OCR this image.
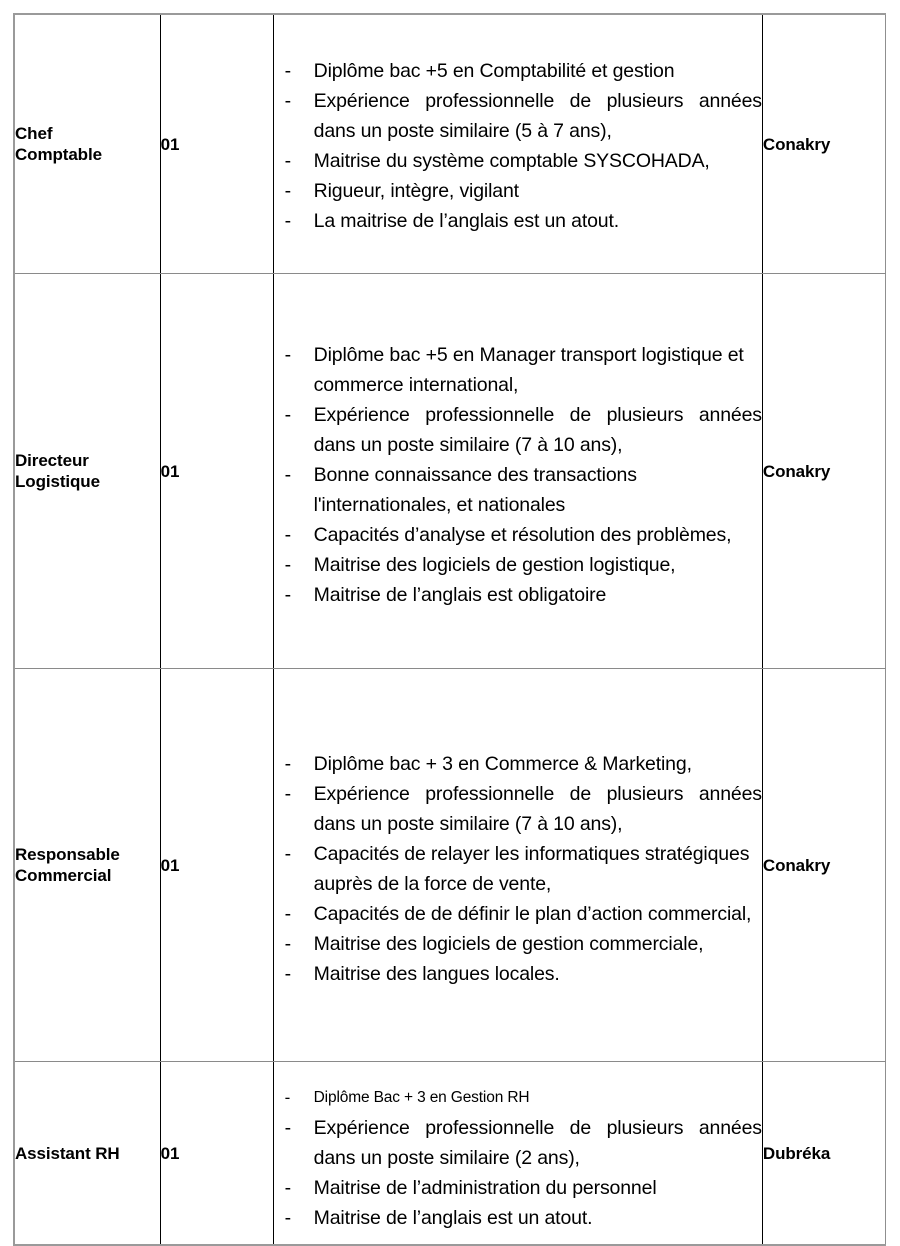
Chef
Comptable
	01	
- Diplôme bac +5 en Comptabilité et gestion
- Expérience professionnelle de plusieurs années dans un poste similaire (5 à 7 ans),
- Maitrise du système comptable SYSCOHADA,
- Rigueur, intègre, vigilant
- La maitrise de l’anglais est un atout.
	Conakry

Directeur
Logistique
	01	
- Diplôme bac +5 en Manager transport logistique et commerce international,
- Expérience professionnelle de plusieurs années dans un poste similaire (7 à 10 ans),
- Bonne connaissance des transactions l'internationales, et nationales
- Capacités d’analyse et résolution des problèmes,
- Maitrise des logiciels de gestion logistique,
- Maitrise de l’anglais est obligatoire
	Conakry

Responsable
Commercial
	01	
- Diplôme bac + 3 en Commerce & Marketing,
- Expérience professionnelle de plusieurs années dans un poste similaire (7 à 10 ans),
- Capacités de relayer les informatiques stratégiques auprès de la force de vente,
- Capacités de de définir le plan d’action commercial,
- Maitrise des logiciels de gestion commerciale,
- Maitrise des langues locales.
	Conakry

Assistant RH	01	
- Diplôme Bac + 3 en Gestion RH
- Expérience professionnelle de plusieurs années dans un poste similaire (2 ans),
- Maitrise de l’administration du personnel
- Maitrise de l’anglais est un atout.
	Dubréka
